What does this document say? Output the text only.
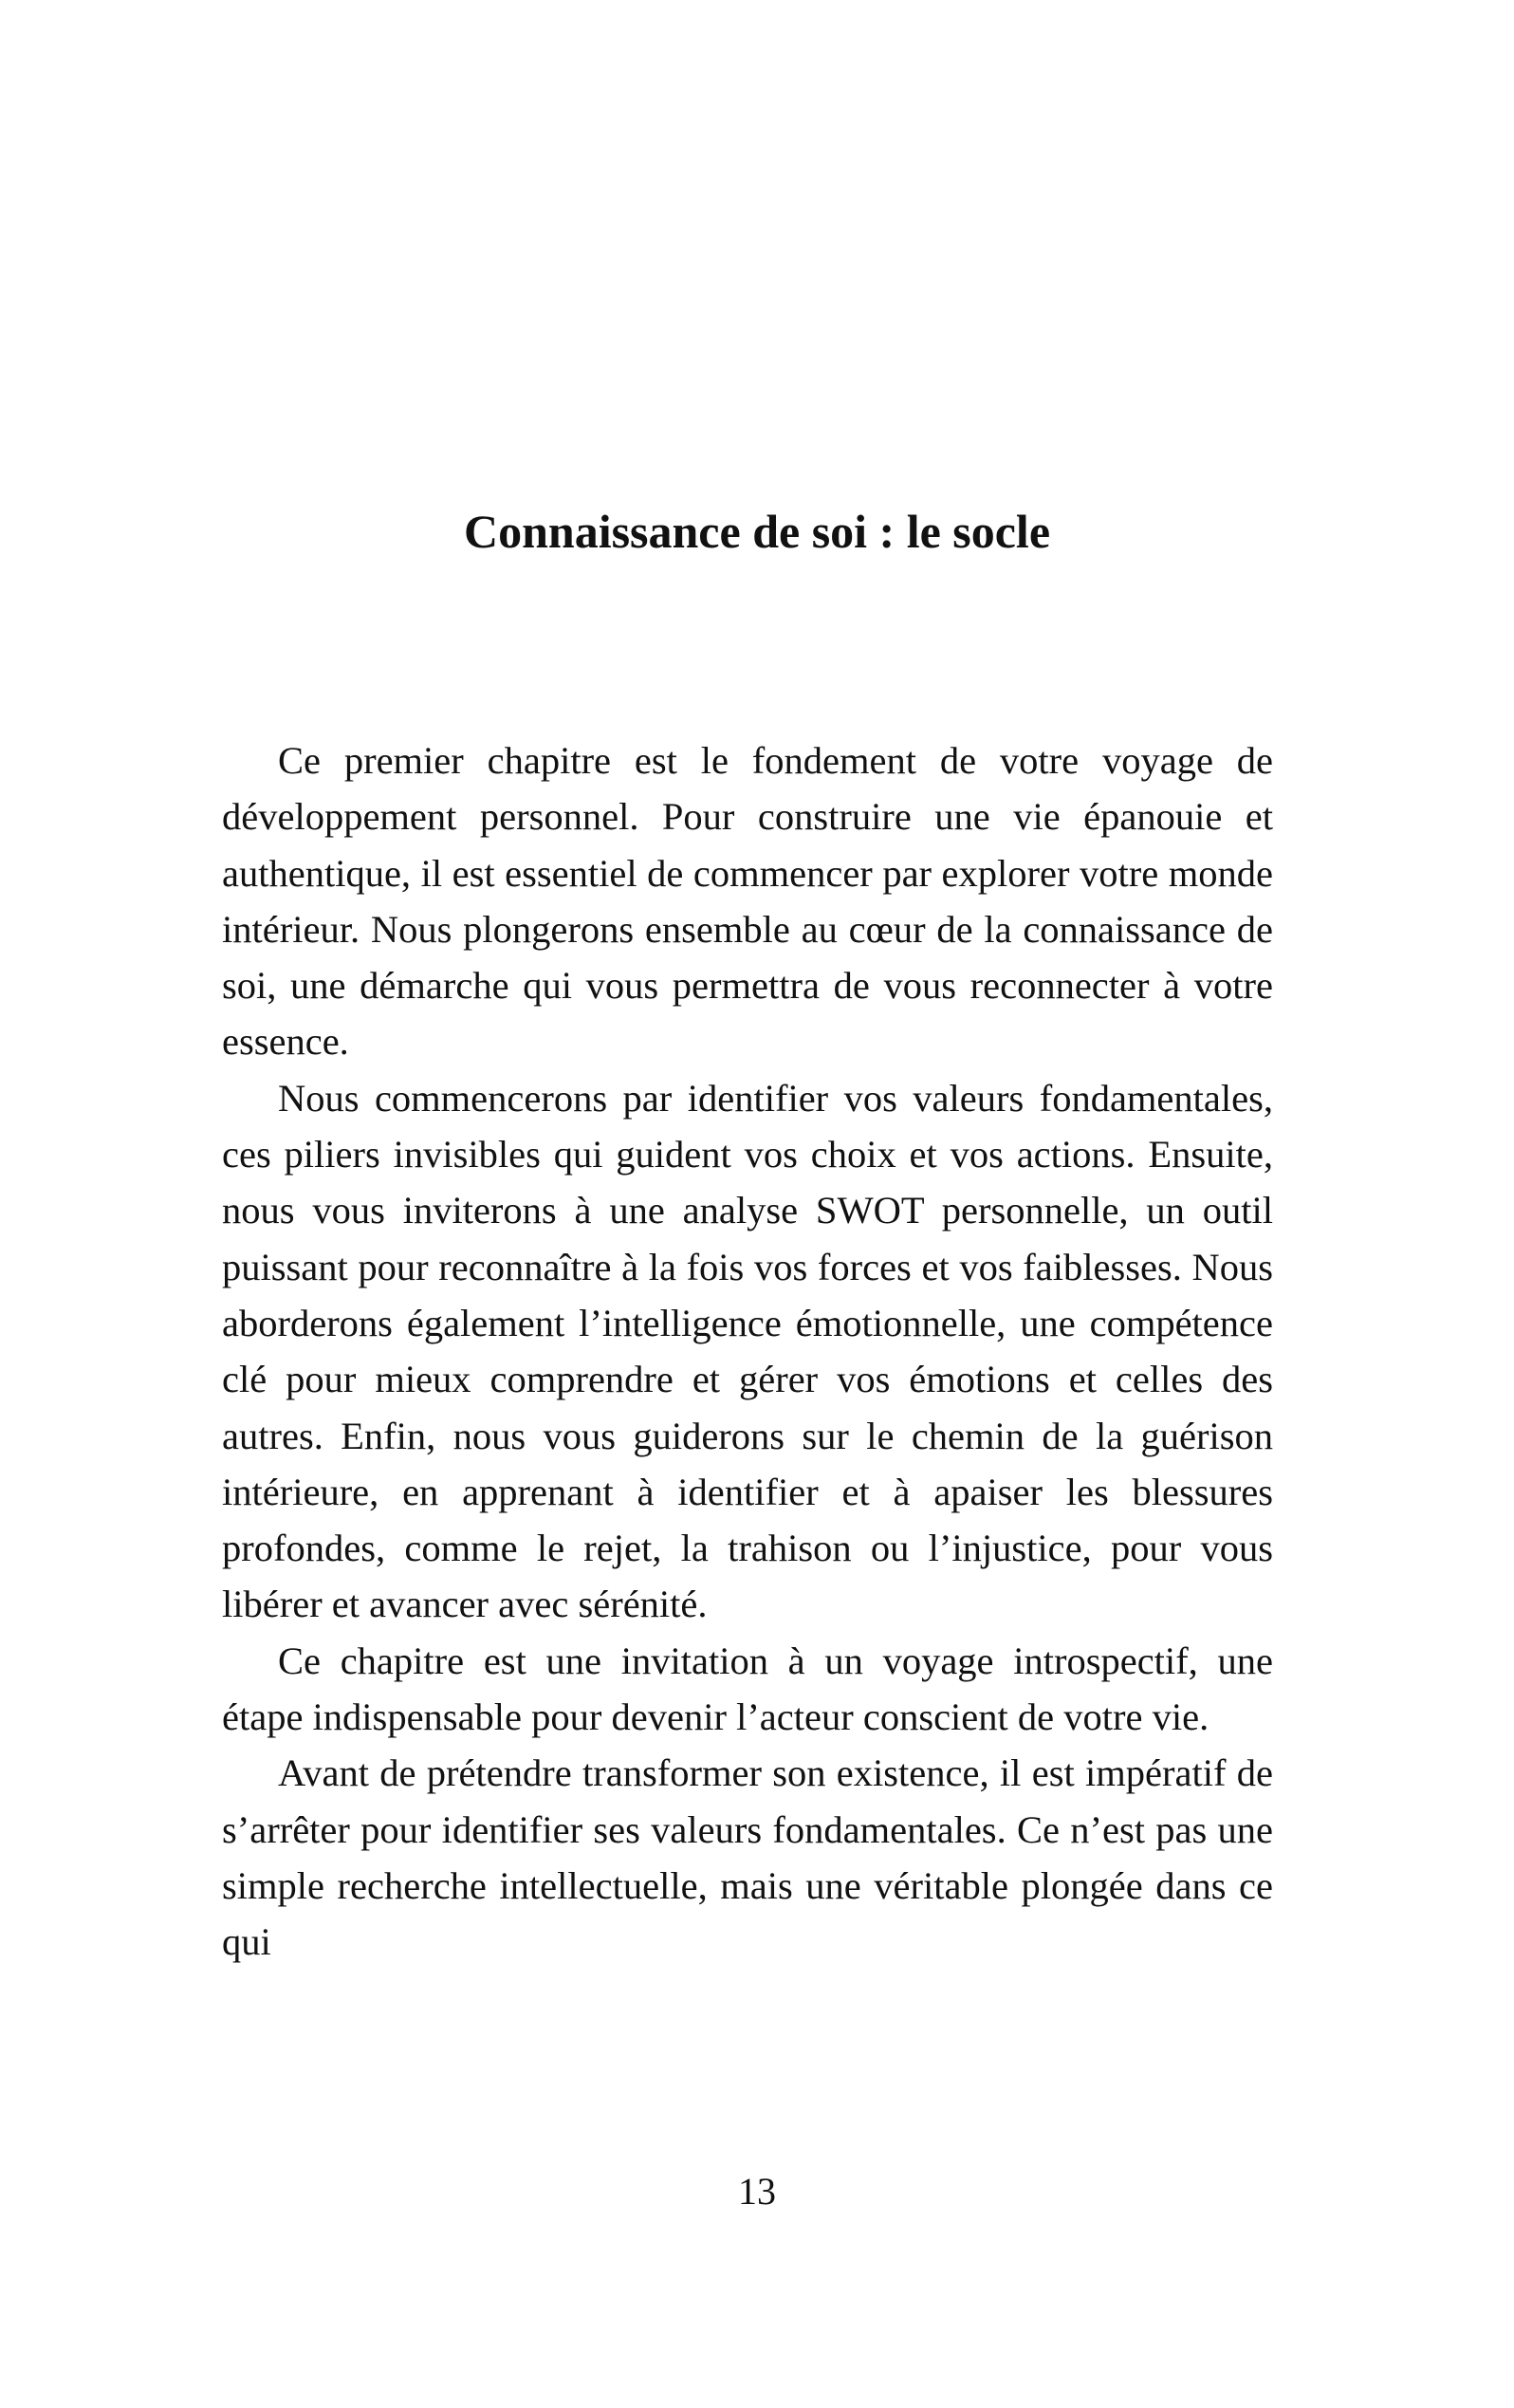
Connaissance de soi : le socle

Ce premier chapitre est le fondement de votre voyage de développement personnel. Pour construire une vie épanouie et authentique, il est essentiel de commencer par explorer votre monde intérieur. Nous plongerons ensemble au cœur de la connaissance de soi, une démarche qui vous permettra de vous reconnecter à votre essence.

Nous commencerons par identifier vos valeurs fondamentales, ces piliers invisibles qui guident vos choix et vos actions. Ensuite, nous vous inviterons à une analyse SWOT personnelle, un outil puissant pour reconnaître à la fois vos forces et vos faiblesses. Nous aborderons également l’intelligence émotionnelle, une compétence clé pour mieux comprendre et gérer vos émotions et celles des autres. Enfin, nous vous guiderons sur le chemin de la guérison intérieure, en apprenant à identifier et à apaiser les blessures profondes, comme le rejet, la trahison ou l’injustice, pour vous libérer et avancer avec sérénité.

Ce chapitre est une invitation à un voyage introspectif, une étape indispensable pour devenir l’acteur conscient de votre vie.

Avant de prétendre transformer son existence, il est impératif de s’arrêter pour identifier ses valeurs fondamentales. Ce n’est pas une simple recherche intellectuelle, mais une véritable plongée dans ce qui

13
